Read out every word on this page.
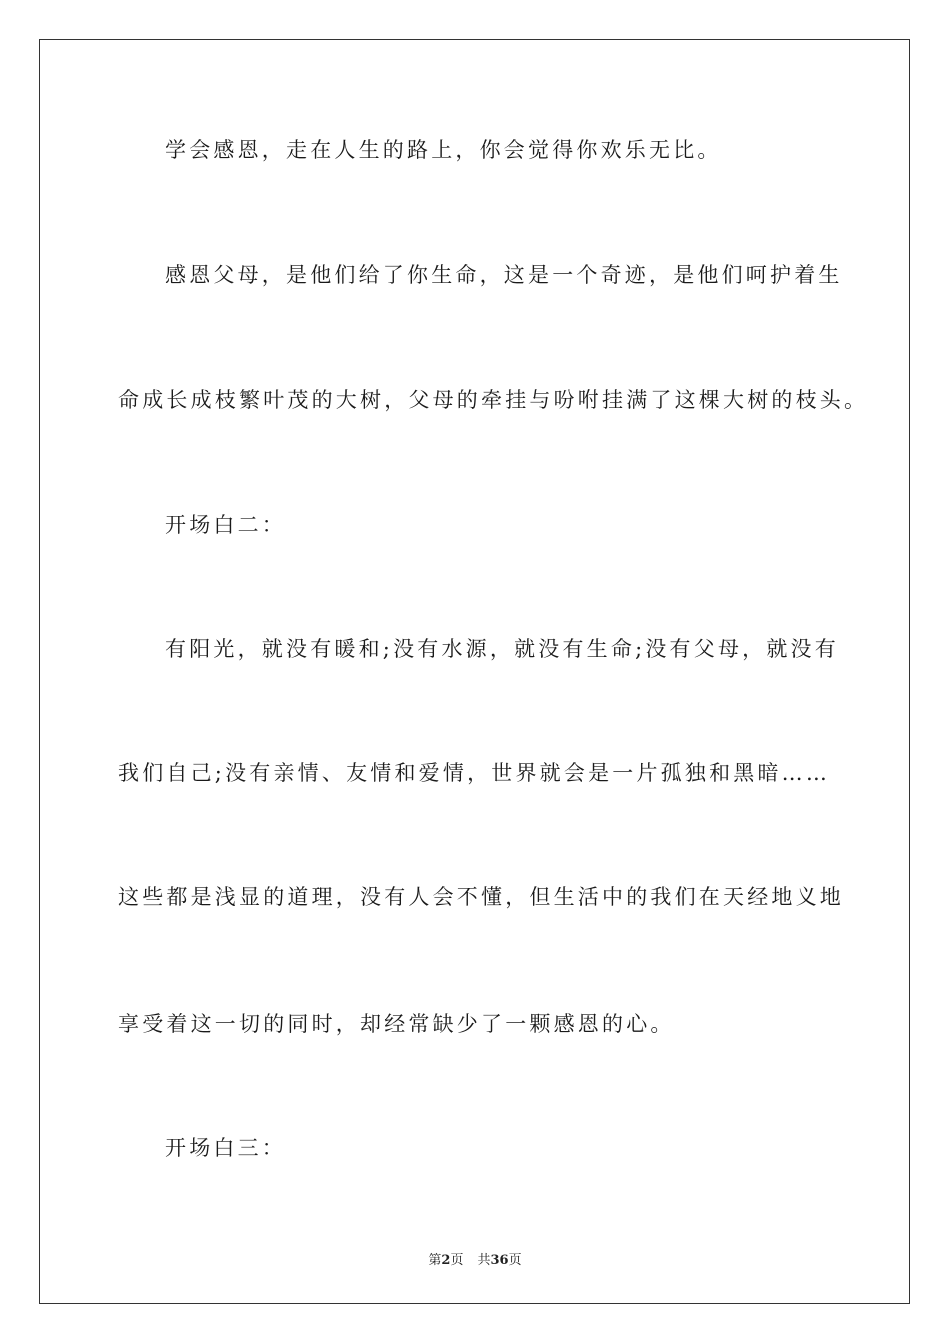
学会感恩，走在人生的路上，你会觉得你欢乐无比。
感恩父母，是他们给了你生命，这是一个奇迹，是他们呵护着生
命成长成枝繁叶茂的大树，父母的牵挂与吩咐挂满了这棵大树的枝头。
开场白二：
有阳光，就没有暖和;没有水源，就没有生命;没有父母，就没有
我们自己;没有亲情、友情和爱情，世界就会是一片孤独和黑暗……
这些都是浅显的道理，没有人会不懂，但生活中的我们在天经地义地
享受着这一切的同时，却经常缺少了一颗感恩的心。
开场白三：
第2页 共36页
